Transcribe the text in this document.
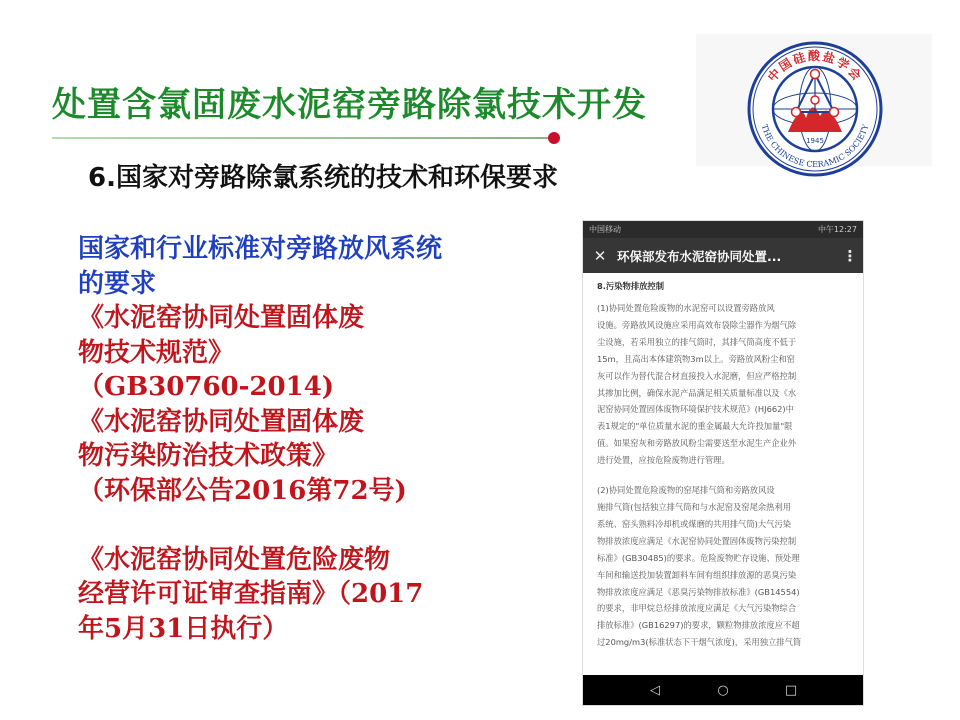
处置含氯固废水泥窑旁路除氯技术开发
6.国家对旁路除氯系统的技术和环保要求
中国硅酸盐学会
THE CHINESE CERAMIC SOCIETY
1945
国家和行业标准对旁路放风系统
的要求
《水泥窑协同处置固体废
物技术规范》
（GB30760-2014)
《水泥窑协同处置固体废
物污染防治技术政策》
（环保部公告2016第72号)
《水泥窑协同处置危险废物
经营许可证审查指南》（2017
年5月31日执行）
中国移动	中午12:27
✕ 环保部发布水泥窑协同处置...	⋮
8.污染物排放控制

(1)协同处置危险废物的水泥窑可以设置旁路放风

设施。旁路放风设施应采用高效布袋除尘器作为烟气除

尘设施，若采用独立的排气筒时，其排气筒高度不低于

15m，且高出本体建筑物3m以上。旁路放风粉尘和窑

灰可以作为替代混合材直接投入水泥磨，但应严格控制

其掺加比例，确保水泥产品满足相关质量标准以及《水

泥窑协同处置固体废物环境保护技术规范》(HJ662)中

表1规定的"单位质量水泥的重金属最大允许投加量"限

值。如果窑灰和旁路放风粉尘需要送至水泥生产企业外

进行处置，应按危险废物进行管理。

(2)协同处置危险废物的窑尾排气筒和旁路放风设

施排气筒(包括独立排气筒和与水泥窑及窑尾余热利用

系统、窑头熟料冷却机或煤磨的共用排气筒)大气污染

物排放浓度应满足《水泥窑协同处置固体废物污染控制

标准》(GB30485)的要求。危险废物贮存设施、预处理

车间和输送投加装置卸料车间有组织排放源的恶臭污染

物排放浓度应满足《恶臭污染物排放标准》(GB14554)

的要求，非甲烷总烃排放浓度应满足《大气污染物综合

排放标准》(GB16297)的要求，颗粒物排放浓度应不超

过20mg/m3(标准状态下干烟气浓度)，采用独立排气筒

◁	○	□
